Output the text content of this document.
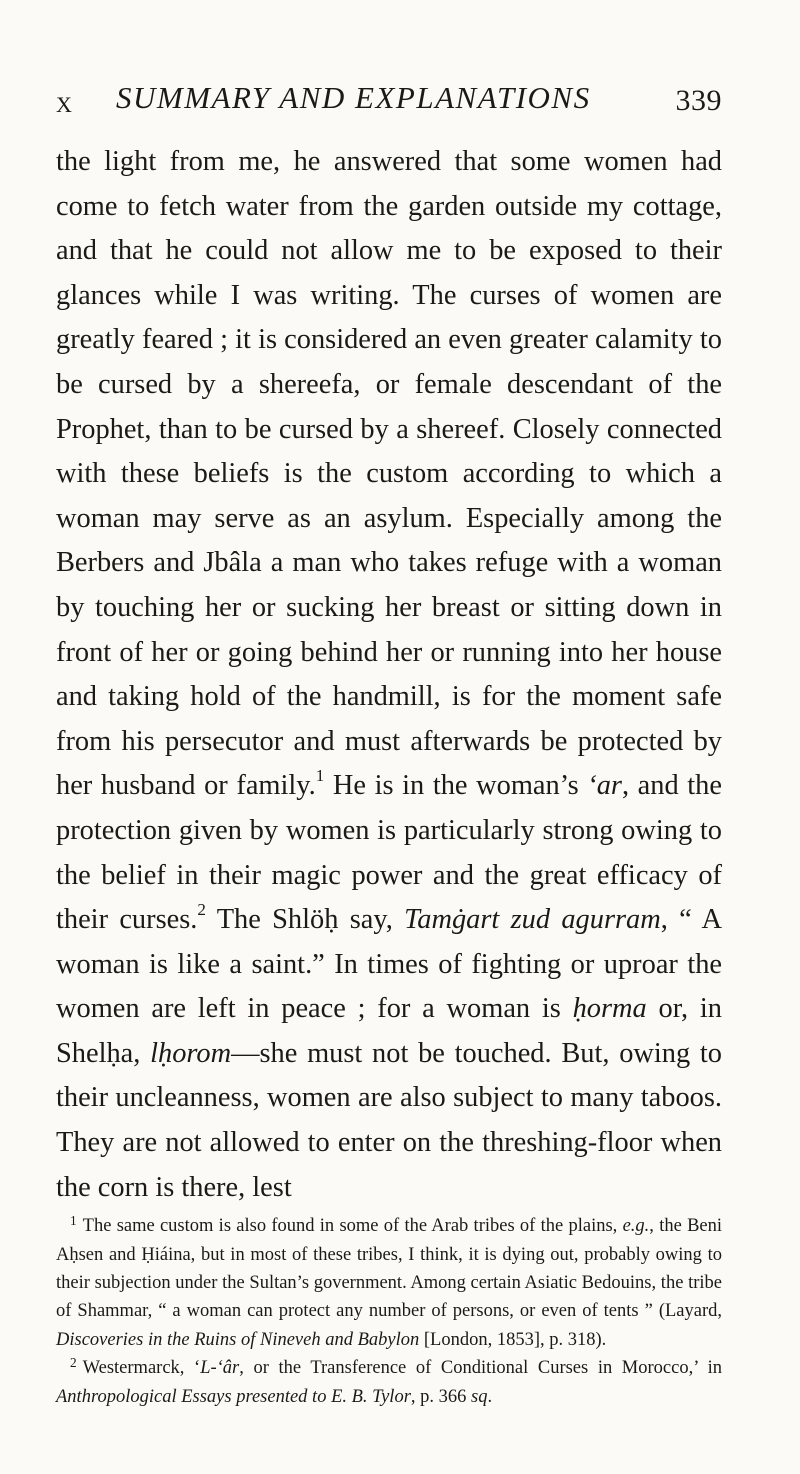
X SUMMARY AND EXPLANATIONS	339

the light from me, he answered that some women had come to fetch water from the garden outside my cottage, and that he could not allow me to be exposed to their glances while I was writing. The curses of women are greatly feared ; it is considered an even greater calamity to be cursed by a shereefa, or female descendant of the Prophet, than to be cursed by a shereef. Closely connected with these beliefs is the custom according to which a woman may serve as an asylum. Especially among the Berbers and Jbâla a man who takes refuge with a woman by touching her or sucking her breast or sitting down in front of her or going behind her or running into her house and taking hold of the handmill, is for the moment safe from his persecutor and must afterwards be protected by her husband or family.$^1$ He is in the woman’s ‘ar, and the protection given by women is particularly strong owing to the belief in their magic power and the great efficacy of their curses.$^2$ The Shlöḥ say, Tamġart zud agurram, “ A woman is like a saint.” In times of fighting or uproar the women are left in peace ; for a woman is ḥorma or, in Shelḥa, lḥorom—she must not be touched. But, owing to their uncleanness, women are also subject to many taboos. They are not allowed to enter on the threshing-floor when the corn is there, lest

$^1$ The same custom is also found in some of the Arab tribes of the plains, e.g., the Beni Aḥsen and Ḥiáina, but in most of these tribes, I think, it is dying out, probably owing to their subjection under the Sultan’s government. Among certain Asiatic Bedouins, the tribe of Shammar, “ a woman can protect any number of persons, or even of tents ” (Layard, Discoveries in the Ruins of Nineveh and Babylon [London, 1853], p. 318).

$^2$ Westermarck, ‘L-‘âr, or the Transference of Conditional Curses in Morocco,’ in Anthropological Essays presented to E. B. Tylor, p. 366 sq.
